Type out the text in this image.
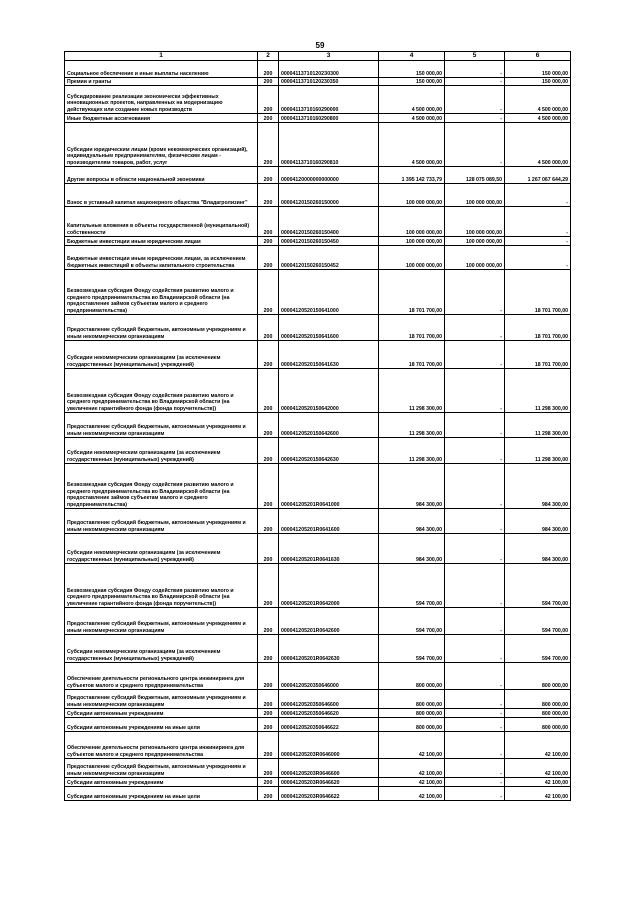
59
1	2	3	4	5	6
Социальное обеспечение и иные выплаты населению	200	000041137101202З0300	150 000,00	-	150 000,00
Премии и гранты	200	00004113710120230350	150 000,00	-	150 000,00
Субсидирование реализации экономически эффективных инновационных проектов, направленных на модернизацию действующих или создание новых производств	200	00004113710160290000	4 500 000,00	-	4 500 000,00
Иные бюджетные ассигнования	200	00004113710160290800	4 500 000,00	-	4 500 000,00
Субсидии юридическим лицам (кроме некоммерческих организаций), индивидуальным предпринимателям, физическим лицам - производителям товаров, работ, услуг	200	00004113710160290810	4 500 000,00	-	4 500 000,00
Другие вопросы в области национальной экономики	200	00004120000000000000	1 395 142 733,79	128 075 089,50	1 267 067 644,29
Взнос в уставный капитал акционерного общества "Владагролизинг"	200	00004120150260150000	100 000 000,00	100 000 000,00	-
Капитальные вложения в объекты государственной (муниципальной) собственности	200	00004120150260150400	100 000 000,00	100 000 000,00	-
Бюджетные инвестиции иным юридическим лицам	200	00004120150260150450	100 000 000,00	100 000 000,00	-
Бюджетные инвестиции иным юридическим лицам, за исключением бюджетных инвестиций в объекты капитального строительства	200	00004120150260150452	100 000 000,00	100 000 000,00	-
Безвозмездная субсидия Фонду содействия развитию малого и среднего предпринимательства во Владимирской области (на предоставление займов субъектам малого и среднего предпринимательства)	200	00004120520150641000	18 701 700,00	-	18 701 700,00
Предоставление субсидий бюджетным, автономным учреждениям и иным некоммерческим организациям	200	00004120520150641600	18 701 700,00	-	18 701 700,00
Субсидии некоммерческим организациям (за исключением государственных (муниципальных) учреждений)	200	00004120520150641630	18 701 700,00	-	18 701 700,00
Безвозмездная субсидия Фонду содействия развитию малого и среднего предпринимательства во Владимирской области (на увеличение гарантийного фонда (фонда поручительств))	200	00004120520150642000	11 298 300,00	-	11 298 300,00
Предоставление субсидий бюджетным, автономным учреждениям и иным некоммерческим организациям	200	00004120520150642600	11 298 300,00	-	11 298 300,00
Субсидии некоммерческим организациям (за исключением государственных (муниципальных) учреждений)	200	00004120520150642630	11 298 300,00	-	11 298 300,00
Безвозмездная субсидия Фонду содействия развитию малого и среднего предпринимательства во Владимирской области (на предоставление займов субъектам малого и среднего предпринимательства)	200	000041205201R0641000	984 300,00	-	984 300,00
Предоставление субсидий бюджетным, автономным учреждениям и иным некоммерческим организациям	200	000041205201R0641600	984 300,00	-	984 300,00
Субсидии некоммерческим организациям (за исключением государственных (муниципальных) учреждений)	200	000041205201R0641630	984 300,00	-	984 300,00
Безвозмездная субсидия Фонду содействия развитию малого и среднего предпринимательства во Владимирской области (на увеличение гарантийного фонда (фонда поручительств))	200	000041205201R0642000	594 700,00	-	594 700,00
Предоставление субсидий бюджетным, автономным учреждениям и иным некоммерческим организациям	200	000041205201R0642600	594 700,00	-	594 700,00
Субсидии некоммерческим организациям (за исключением государственных (муниципальных) учреждений)	200	000041205201R0642630	594 700,00	-	594 700,00
Обеспечение деятельности регионального центра инжиниринга для субъектов малого и среднего предпринимательства	200	00004120520350646000	800 000,00	-	800 000,00
Предоставление субсидий бюджетным, автономным учреждениям и иным некоммерческим организациям	200	00004120520350646600	800 000,00	-	800 000,00
Субсидии автономным учреждениям	200	00004120520350646620	800 000,00	-	800 000,00
Субсидии автономным учреждениям на иные цели	200	00004120520350646622	800 000,00	-	800 000,00
Обеспечение деятельности регионального центра инжиниринга для субъектов малого и среднего предпринимательства	200	000041205203R0646000	42 100,00	-	42 100,00
Предоставление субсидий бюджетным, автономным учреждениям и иным некоммерческим организациям	200	000041205203R0646600	42 100,00	-	42 100,00
Субсидии автономным учреждениям	200	000041205203R0646620	42 100,00	-	42 100,00
Субсидии автономным учреждениям на иные цели	200	000041205203R0646622	42 100,00	-	42 100,00
